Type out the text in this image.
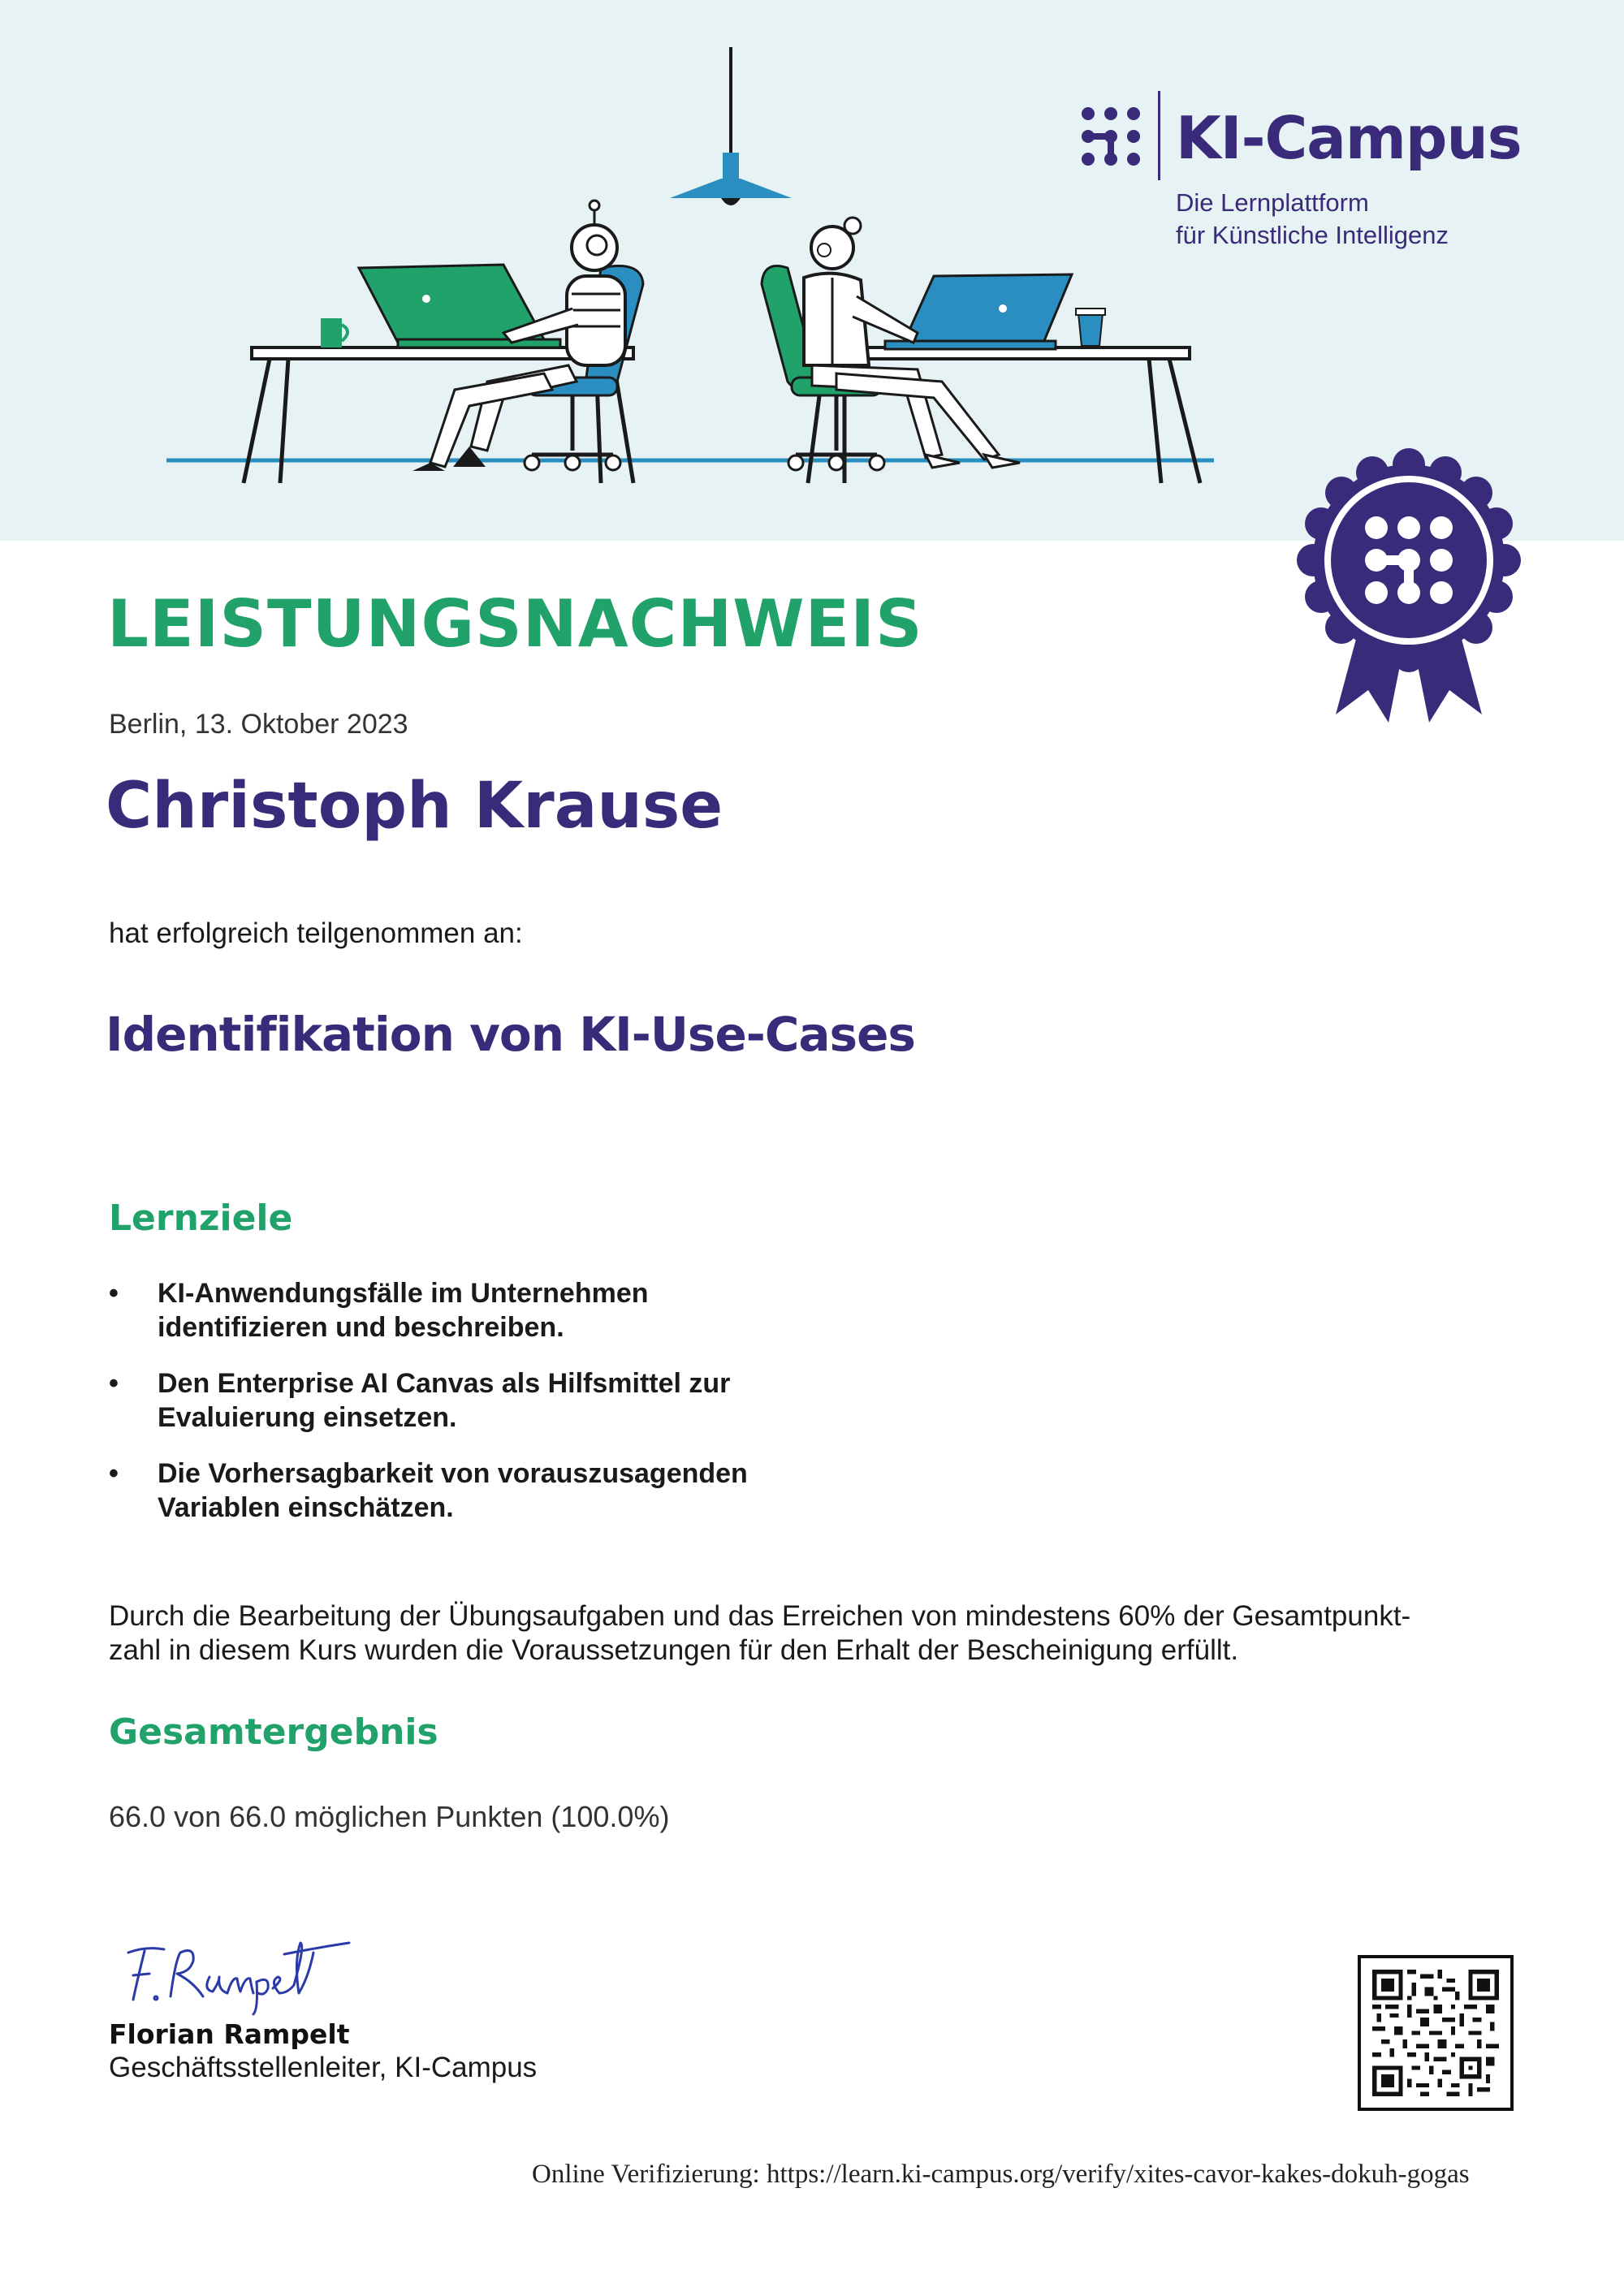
KI-Campus
Die Lernplattform
für Künstliche Intelligenz
LEISTUNGSNACHWEIS
Berlin, 13. Oktober 2023
Christoph Krause
hat erfolgreich teilgenommen an:
Identifikation von KI-Use-Cases
Lernziele
•	KI-Anwendungsfälle im Unternehmen
identifizieren und beschreiben.
•	Den Enterprise AI Canvas als Hilfsmittel zur
Evaluierung einsetzen.
•	Die Vorhersagbarkeit von vorauszusagenden
Variablen einschätzen.
Durch die Bearbeitung der Übungsaufgaben und das Erreichen von mindestens 60% der Gesamtpunkt-
zahl in diesem Kurs wurden die Voraussetzungen für den Erhalt der Bescheinigung erfüllt.
Gesamtergebnis
66.0 von 66.0 möglichen Punkten (100.0%)
Florian Rampelt
Geschäftsstellenleiter, KI-Campus
Online Verifizierung: https://learn.ki-campus.org/verify/xites-cavor-kakes-dokuh-gogas
